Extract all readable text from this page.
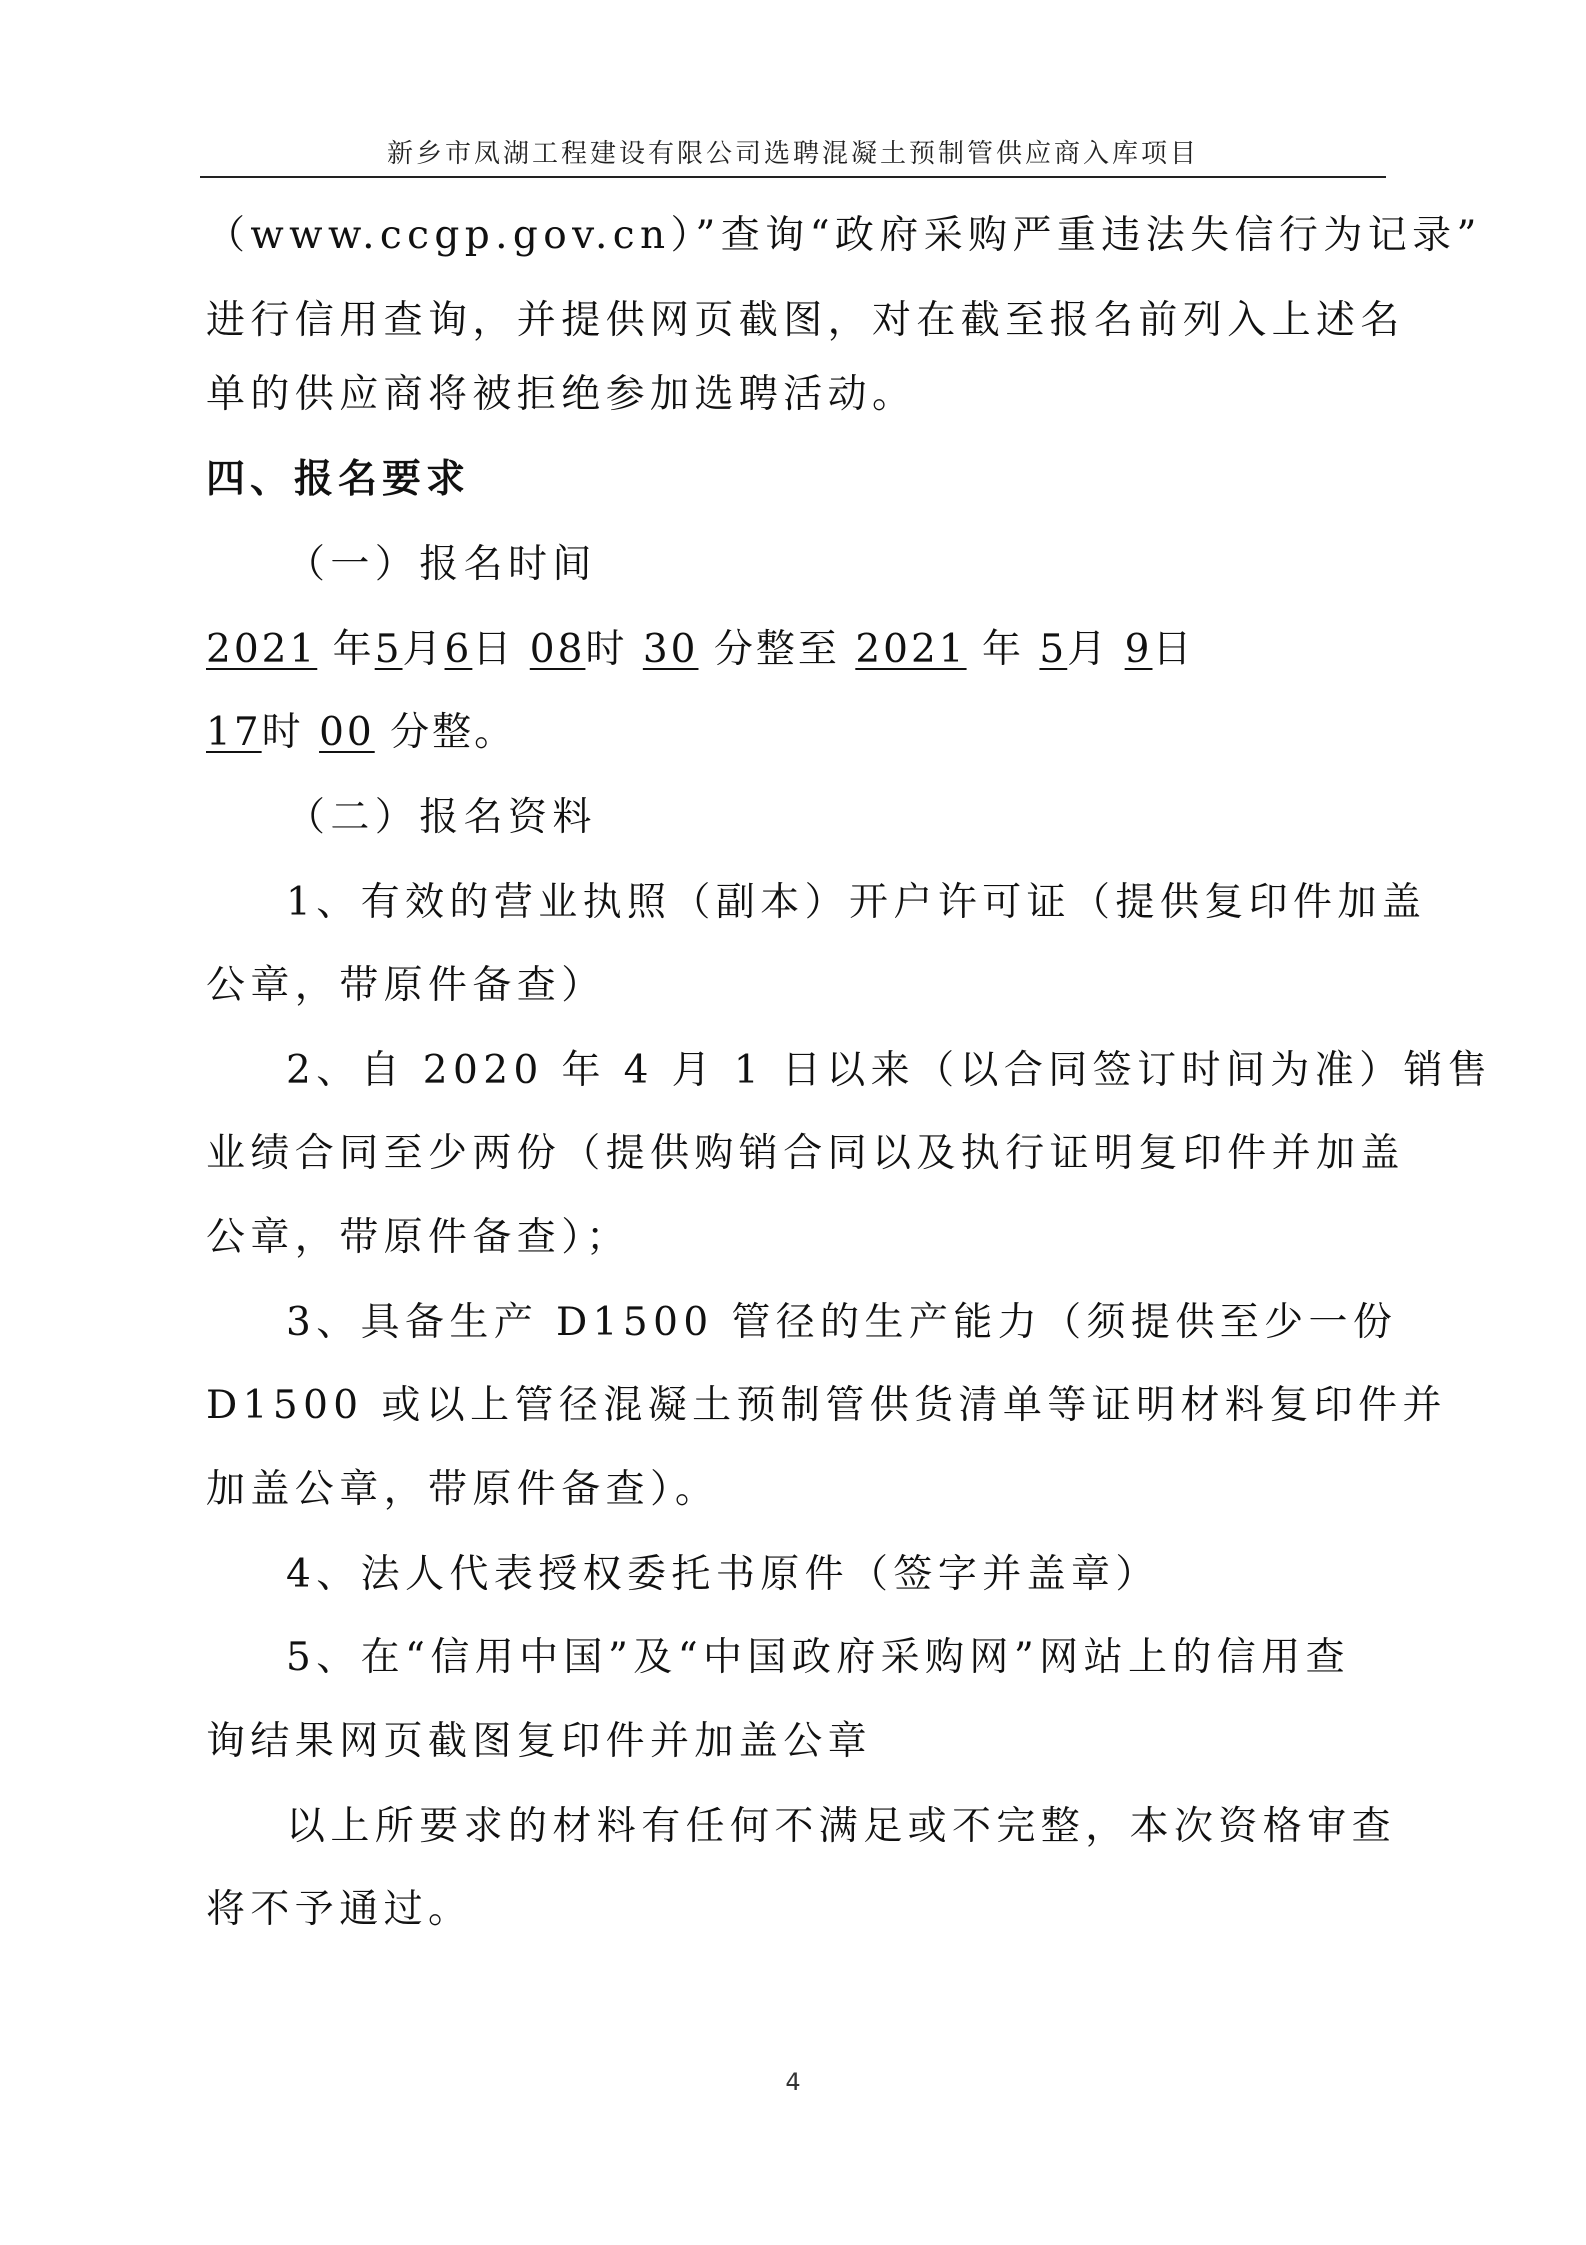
新乡市凤湖工程建设有限公司选聘混凝土预制管供应商入库项目
（www.ccgp.gov.cn）”查询“政府采购严重违法失信行为记录”
进行信用查询，并提供网页截图，对在截至报名前列入上述名
单的供应商将被拒绝参加选聘活动。
四、报名要求
（一）报名时间
2021 年5月6日 08时 30 分整至 2021 年 5月 9日
17时 00 分整。
（二）报名资料
1、有效的营业执照（副本）开户许可证（提供复印件加盖
公章，带原件备查）
2、自 2020 年 4 月 1 日以来（以合同签订时间为准）销售
业绩合同至少两份（提供购销合同以及执行证明复印件并加盖
公章，带原件备查）；
3、具备生产 D1500 管径的生产能力（须提供至少一份
D1500 或以上管径混凝土预制管供货清单等证明材料复印件并
加盖公章，带原件备查）。
4、法人代表授权委托书原件（签字并盖章）
5、在“信用中国”及“中国政府采购网”网站上的信用查
询结果网页截图复印件并加盖公章
以上所要求的材料有任何不满足或不完整，本次资格审查
将不予通过。
4
